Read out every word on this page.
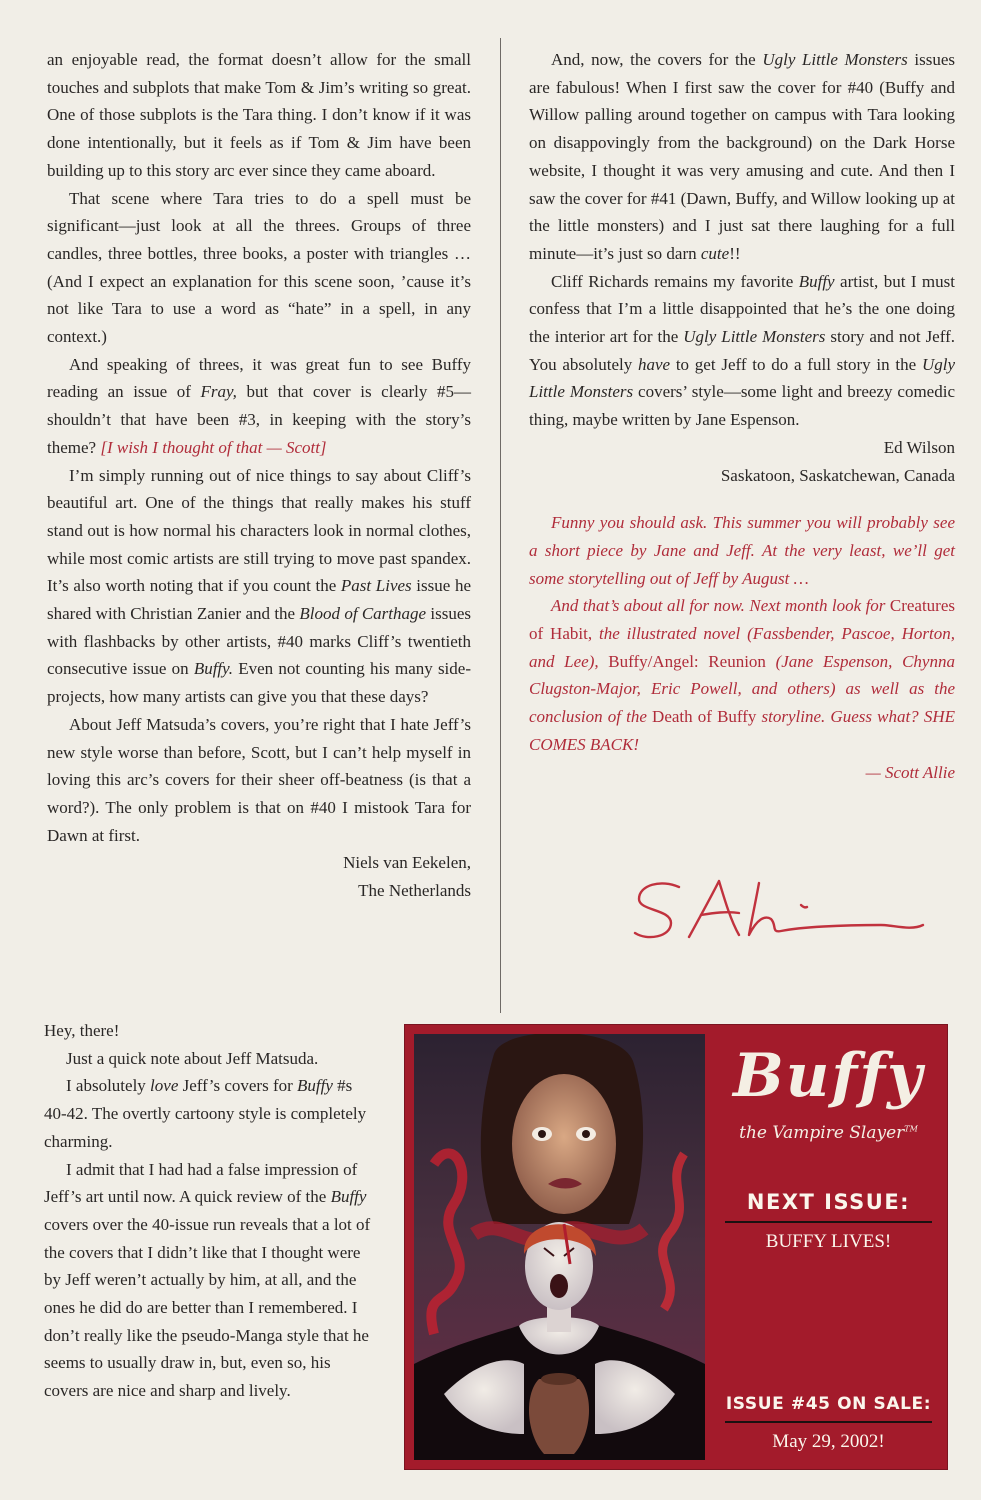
an enjoyable read, the format doesn’t allow for the small touches and subplots that make Tom & Jim’s writing so great. One of those subplots is the Tara thing. I don’t know if it was done intentionally, but it feels as if Tom & Jim have been building up to this story arc ever since they came aboard.

That scene where Tara tries to do a spell must be significant—just look at all the threes. Groups of three candles, three bottles, three books, a poster with triangles … (And I expect an explanation for this scene soon, ’cause it’s not like Tara to use a word as “hate” in a spell, in any context.)

And speaking of threes, it was great fun to see Buffy reading an issue of Fray, but that cover is clearly #5—shouldn’t that have been #3, in keeping with the story’s theme? [I wish I thought of that — Scott]

I’m simply running out of nice things to say about Cliff’s beautiful art. One of the things that really makes his stuff stand out is how normal his characters look in normal clothes, while most comic artists are still trying to move past spandex. It’s also worth noting that if you count the Past Lives issue he shared with Christian Zanier and the Blood of Carthage issues with flashbacks by other artists, #40 marks Cliff’s twentieth consecutive issue on Buffy. Even not counting his many side-projects, how many artists can give you that these days?

About Jeff Matsuda’s covers, you’re right that I hate Jeff’s new style worse than before, Scott, but I can’t help myself in loving this arc’s covers for their sheer off-beatness (is that a word?). The only problem is that on #40 I mistook Tara for Dawn at first.

Niels van Eekelen,

The Netherlands

And, now, the covers for the Ugly Little Monsters issues are fabulous! When I first saw the cover for #40 (Buffy and Willow palling around together on campus with Tara looking on disappovingly from the background) on the Dark Horse website, I thought it was very amusing and cute. And then I saw the cover for #41 (Dawn, Buffy, and Willow looking up at the little monsters) and I just sat there laughing for a full minute—it’s just so darn cute!!

Cliff Richards remains my favorite Buffy artist, but I must confess that I’m a little disappointed that he’s the one doing the interior art for the Ugly Little Monsters story and not Jeff. You absolutely have to get Jeff to do a full story in the Ugly Little Monsters covers’ style—some light and breezy comedic thing, maybe written by Jane Espenson.

Ed Wilson

Saskatoon, Saskatchewan, Canada

Funny you should ask. This summer you will probably see a short piece by Jane and Jeff. At the very least, we’ll get some storytelling out of Jeff by August …

And that’s about all for now. Next month look for Creatures of Habit, the illustrated novel (Fassbender, Pascoe, Horton, and Lee), Buffy/Angel: Reunion (Jane Espenson, Chynna Clugston-Major, Eric Powell, and others) as well as the conclusion of the Death of Buffy storyline. Guess what? SHE COMES BACK!

— Scott Allie

Hey, there!

Just a quick note about Jeff Matsuda.

I absolutely love Jeff’s covers for Buffy #s 40-42. The overtly cartoony style is completely charming.

I admit that I had had a false impression of Jeff’s art until now. A quick review of the Buffy covers over the 40-issue run reveals that a lot of the covers that I didn’t like that I thought were by Jeff weren’t actually by him, at all, and the ones he did do are better than I remembered. I don’t really like the pseudo-Manga style that he seems to usually draw in, but, even so, his covers are nice and sharp and lively.

Buffy
the Vampire Slayer™
NEXT ISSUE:
BUFFY LIVES!
ISSUE #45 ON SALE:
May 29, 2002!
